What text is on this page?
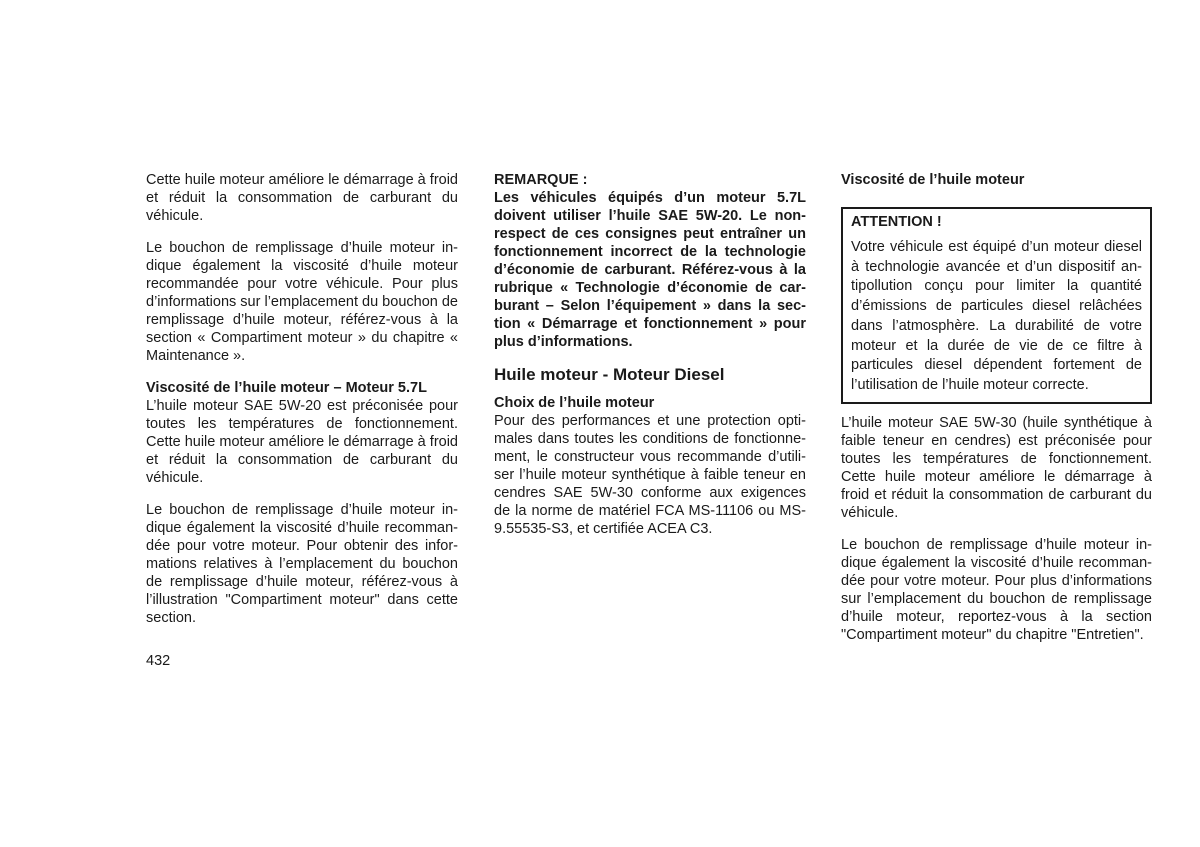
Cette huile moteur améliore le démarrage à froid et réduit la consommation de carburant du véhicule.

Le bouchon de remplissage d’huile moteur indique également la viscosité d’huile moteur recommandée pour votre véhicule. Pour plus d’informations sur l’emplacement du bouchon de remplissage d’huile moteur, référez-vous à la section « Compartiment moteur » du chapitre « Maintenance ».

Viscosité de l’huile moteur – Moteur 5.7L

L’huile moteur SAE 5W-20 est préconisée pour toutes les températures de fonctionnement. Cette huile moteur améliore le démarrage à froid et réduit la consommation de carburant du véhicule.

Le bouchon de remplissage d’huile moteur indique également la viscosité d’huile recommandée pour votre moteur. Pour obtenir des informations relatives à l’emplacement du bouchon de remplissage d’huile moteur, référez-vous à l’illustration "Compartiment moteur" dans cette section.

REMARQUE :

Les véhicules équipés d’un moteur 5.7L doivent utiliser l’huile SAE 5W-20. Le non-respect de ces consignes peut entraîner un fonctionnement incorrect de la technologie d’économie de carburant. Référez-vous à la rubrique « Technologie d’économie de carburant – Selon l’équipement » dans la section « Démarrage et fonctionnement » pour plus d’informations.

Huile moteur - Moteur Diesel
Choix de l’huile moteur

Pour des performances et une protection optimales dans toutes les conditions de fonctionnement, le constructeur vous recommande d’utiliser l’huile moteur synthétique à faible teneur en cendres SAE 5W-30 conforme aux exigences de la norme de matériel FCA MS-11106 ou MS-9.55535-S3, et certifiée ACEA C3.

Viscosité de l’huile moteur
ATTENTION !

Votre véhicule est équipé d’un moteur diesel à technologie avancée et d’un dispositif antipollution conçu pour limiter la quantité d’émissions de particules diesel relâchées dans l’atmosphère. La durabilité de votre moteur et la durée de vie de ce filtre à particules diesel dépendent fortement de l’utilisation de l’huile moteur correcte.

L’huile moteur SAE 5W-30 (huile synthétique à faible teneur en cendres) est préconisée pour toutes les températures de fonctionnement. Cette huile moteur améliore le démarrage à froid et réduit la consommation de carburant du véhicule.

Le bouchon de remplissage d’huile moteur indique également la viscosité d’huile recommandée pour votre moteur. Pour plus d’informations sur l’emplacement du bouchon de remplissage d’huile moteur, reportez-vous à la section "Compartiment moteur" du chapitre "Entretien".

432
